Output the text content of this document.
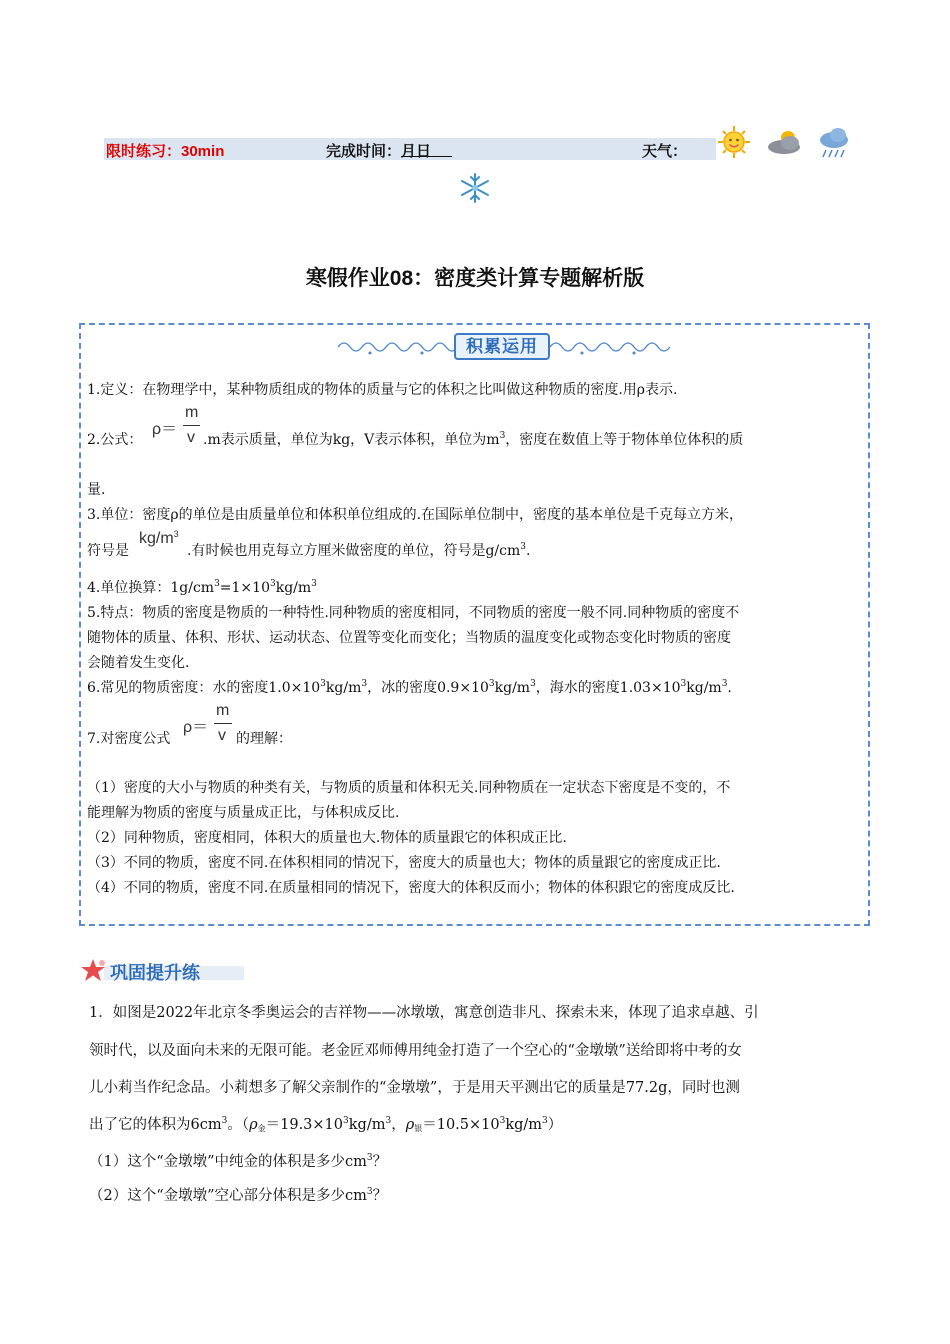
限时练习：30min	完成时间：
月
日	天气：
寒假作业08：密度类计算专题解析版
积累运用
1.定义：在物理学中，某种物质组成的物体的质量与它的体积之比叫做这种物质的密度.用ρ表示.
2.公式：
ρ＝
m
v .m表示质量，单位为kg，V表示体积，单位为$m^3$，密度在数值上等于物体单位体积的质
量.
3.单位：密度ρ的单位是由质量单位和体积单位组成的.在国际单位制中，密度的基本单位是千克每立方米，
符号是
$kg/m^3$
.有时候也用克每立方厘米做密度的单位，符号是$g/cm^3$.
4.单位换算：$1g/cm^3=1\times 10^3kg/m^3$
5.特点：物质的密度是物质的一种特性.同种物质的密度相同，不同物质的密度一般不同.同种物质的密度不
随物体的质量、体积、形状、运动状态、位置等变化而变化；当物质的温度变化或物态变化时物质的密度
会随着发生变化.
6.常见的物质密度：水的密度$1.0\times 10^3kg/m^3$，冰的密度$0.9\times 10^3kg/m^3$，海水的密度$1.03\times 10^3kg/m^3$.
7.对密度公式
ρ＝
m
v 的理解：
（1）密度的大小与物质的种类有关，与物质的质量和体积无关.同种物质在一定状态下密度是不变的，不
能理解为物质的密度与质量成正比，与体积成反比.
（2）同种物质，密度相同，体积大的质量也大.物体的质量跟它的体积成正比.
（3）不同的物质，密度不同.在体积相同的情况下，密度大的质量也大；物体的质量跟它的密度成正比.
（4）不同的物质，密度不同.在质量相同的情况下，密度大的体积反而小；物体的体积跟它的密度成反比.
巩固提升练
1．如图是2022年北京冬季奥运会的吉祥物——冰墩墩，寓意创造非凡、探索未来，体现了追求卓越、引
领时代，以及面向未来的无限可能。老金匠邓师傅用纯金打造了一个空心的“金墩墩”送给即将中考的女
儿小莉当作纪念品。小莉想多了解父亲制作的“金墩墩”，于是用天平测出它的质量是77.2g，同时也测
出了它的体积为$6cm^3$。（ρ金$=19.3\times 10^3kg/m^3$，ρ银$=10.5\times 10^3kg/m^3$）
（1）这个“金墩墩”中纯金的体积是多少$cm^3$？
（2）这个“金墩墩”空心部分体积是多少$cm^3$？
